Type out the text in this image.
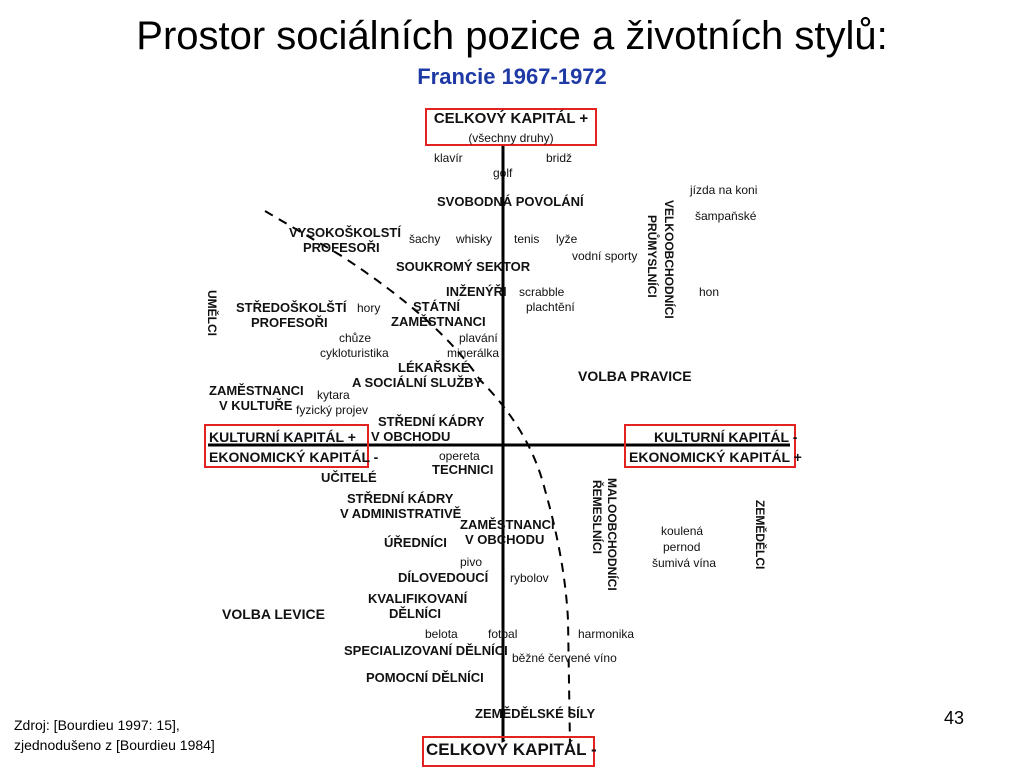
Prostor sociálních pozice a životních stylů:
Francie 1967-1972
CELKOVÝ KAPITÁL +
(všechny druhy)
CELKOVÝ KAPITÁL -
KULTURNÍ KAPITÁL +
EKONOMICKÝ KAPITÁL -
KULTURNÍ KAPITÁL -
EKONOMICKÝ KAPITÁL +
VOLBA PRAVICE
VOLBA LEVICE
UMĚLCI	VELKOOBCHODNÍCI
PRŮMYSLNÍCI
MALOOBCHODNÍCI
ŘEMESLNÍCI	ZEMĚDĚLCI
klavír	bridž
golf
SVOBODNÁ POVOLÁNÍ
jízda na koni
šampaňské
VYSOKOŠKOLSTÍ
PROFESOŘI
šachy whisky tenis lyže
vodní sporty
SOUKROMÝ SEKTOR
INŽENÝŘI scrabble
plachtění
hon
STŘEDOŠKOLŠTÍ
PROFESOŘI
hory	STÁTNÍ
ZAMĚSTNANCI
chůze	plavání
cykloturistika	minerálka
LÉKAŘSKÉ
A SOCIÁLNÍ SLUŽBY
ZAMĚSTNANCI
V KULTUŘE
kytara
fyzický projev
STŘEDNÍ KÁDRY
V OBCHODU
opereta
TECHNICI
UČITELÉ
STŘEDNÍ KÁDRY
V ADMINISTRATIVĚ
ZAMĚSTNANCI
V OBCHODU
ÚŘEDNÍCI
pivo
DÍLOVEDOUCÍ rybolov
koulená
pernod
šumivá vína
KVALIFIKOVANÍ
DĚLNÍCI
belota	fotbal	harmonika
SPECIALIZOVANÍ DĚLNÍCI běžné červené víno
POMOCNÍ DĚLNÍCI
ZEMĚDĚLSKÉ SÍLY
Zdroj: [Bourdieu 1997: 15],
zjednodušeno z [Bourdieu 1984]
43
